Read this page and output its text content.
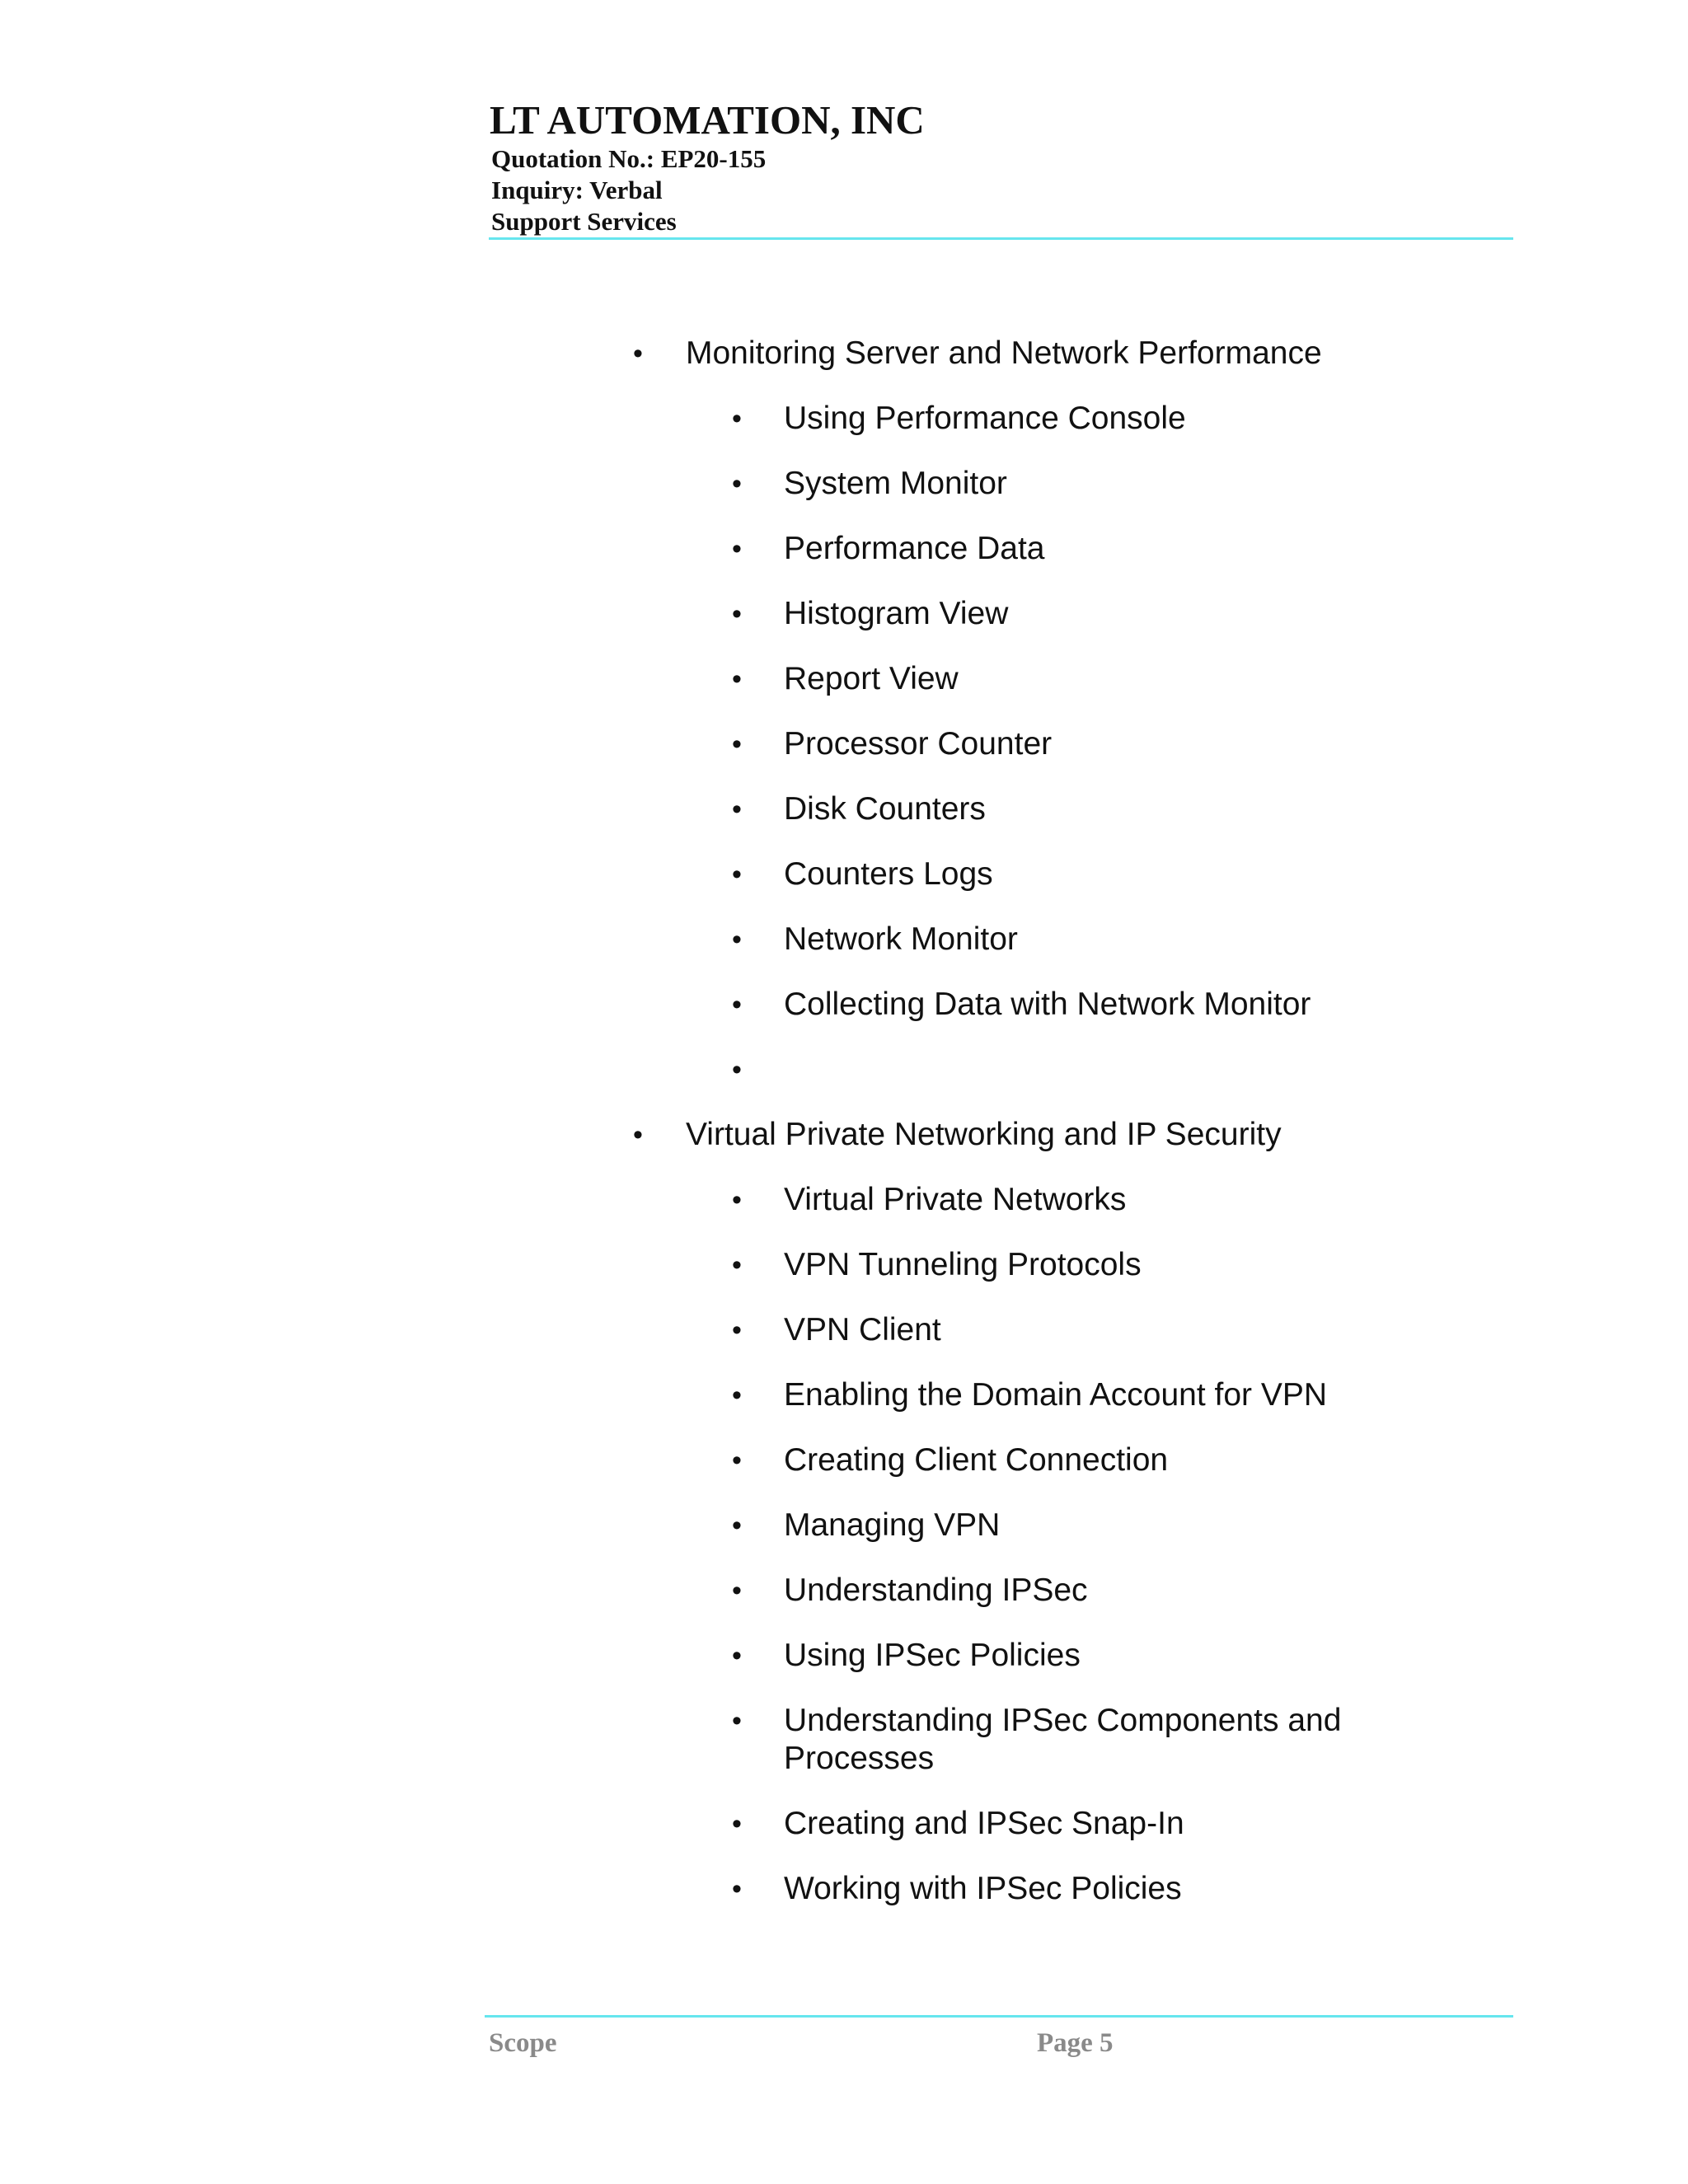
LT AUTOMATION, INC
Quotation No.: EP20-155
Inquiry: Verbal
Support Services
• Monitoring Server and Network Performance
• Using Performance Console
• System Monitor
• Performance Data
• Histogram View
• Report View
• Processor Counter
• Disk Counters
• Counters Logs
• Network Monitor
• Collecting Data with Network Monitor
•
• Virtual Private Networking and IP Security
• Virtual Private Networks
• VPN Tunneling Protocols
• VPN Client
• Enabling the Domain Account for VPN
• Creating Client Connection
• Managing VPN
• Understanding IPSec
• Using IPSec Policies
• Understanding IPSec Components and Processes
• Creating and IPSec Snap-In
• Working with IPSec Policies
Scope	Page 5
